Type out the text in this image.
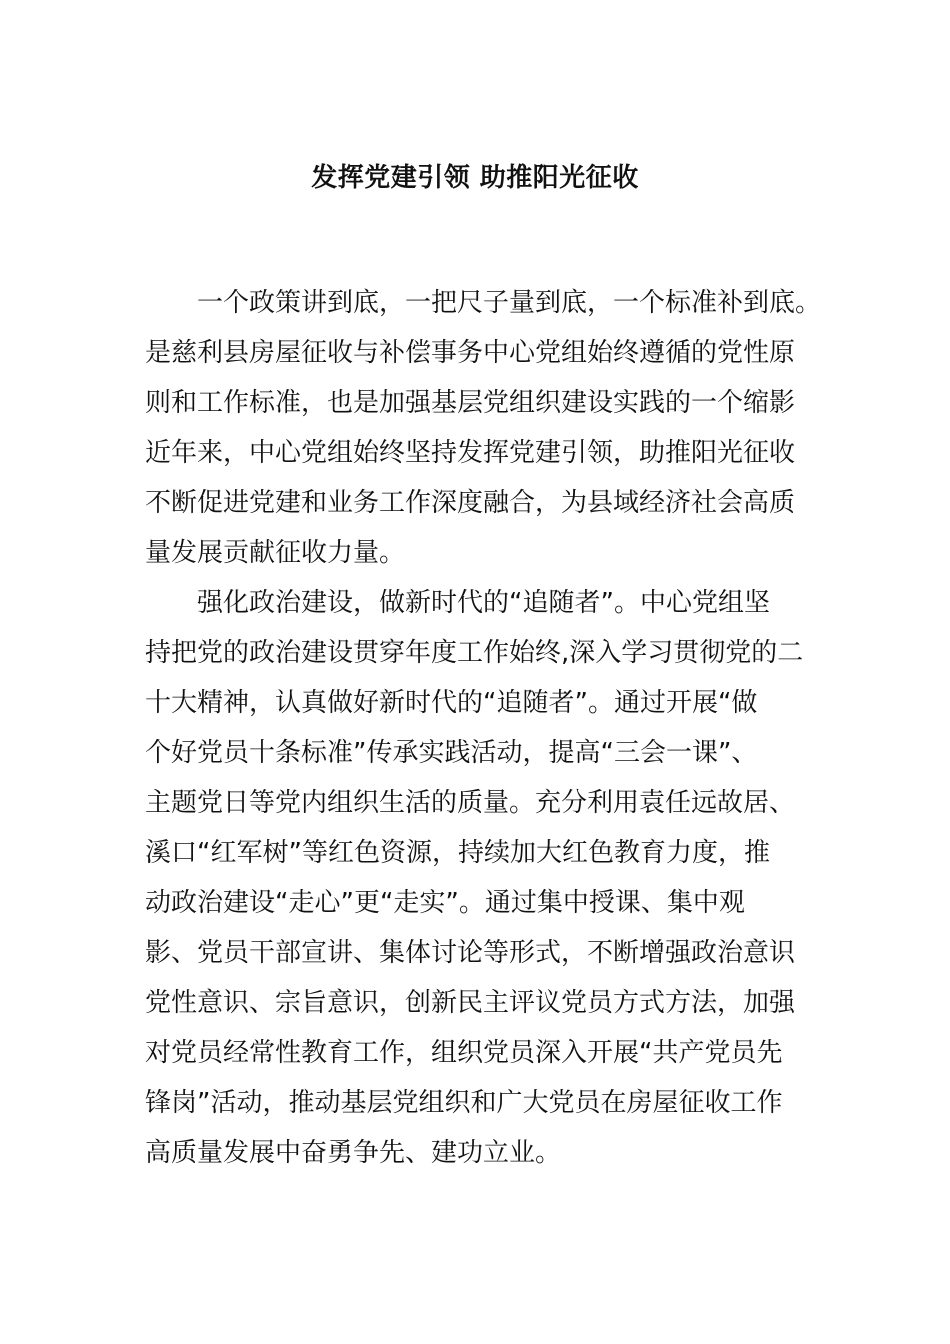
发挥党建引领 助推阳光征收

一个政策讲到底，一把尺子量到底，一个标准补到底。
是慈利县房屋征收与补偿事务中心党组始终遵循的党性原
则和工作标准，也是加强基层党组织建设实践的一个缩影
近年来，中心党组始终坚持发挥党建引领，助推阳光征收
不断促进党建和业务工作深度融合，为县域经济社会高质
量发展贡献征收力量。

强化政治建设，做新时代的“追随者”。中心党组坚
持把党的政治建设贯穿年度工作始终,深入学习贯彻党的二
十大精神，认真做好新时代的“追随者”。通过开展“做
个好党员十条标准”传承实践活动，提高“三会一课”、
主题党日等党内组织生活的质量。充分利用袁任远故居、
溪口“红军树”等红色资源，持续加大红色教育力度，推
动政治建设“走心”更“走实”。通过集中授课、集中观
影、党员干部宣讲、集体讨论等形式，不断增强政治意识
党性意识、宗旨意识，创新民主评议党员方式方法，加强
对党员经常性教育工作，组织党员深入开展“共产党员先
锋岗”活动，推动基层党组织和广大党员在房屋征收工作
高质量发展中奋勇争先、建功立业。
